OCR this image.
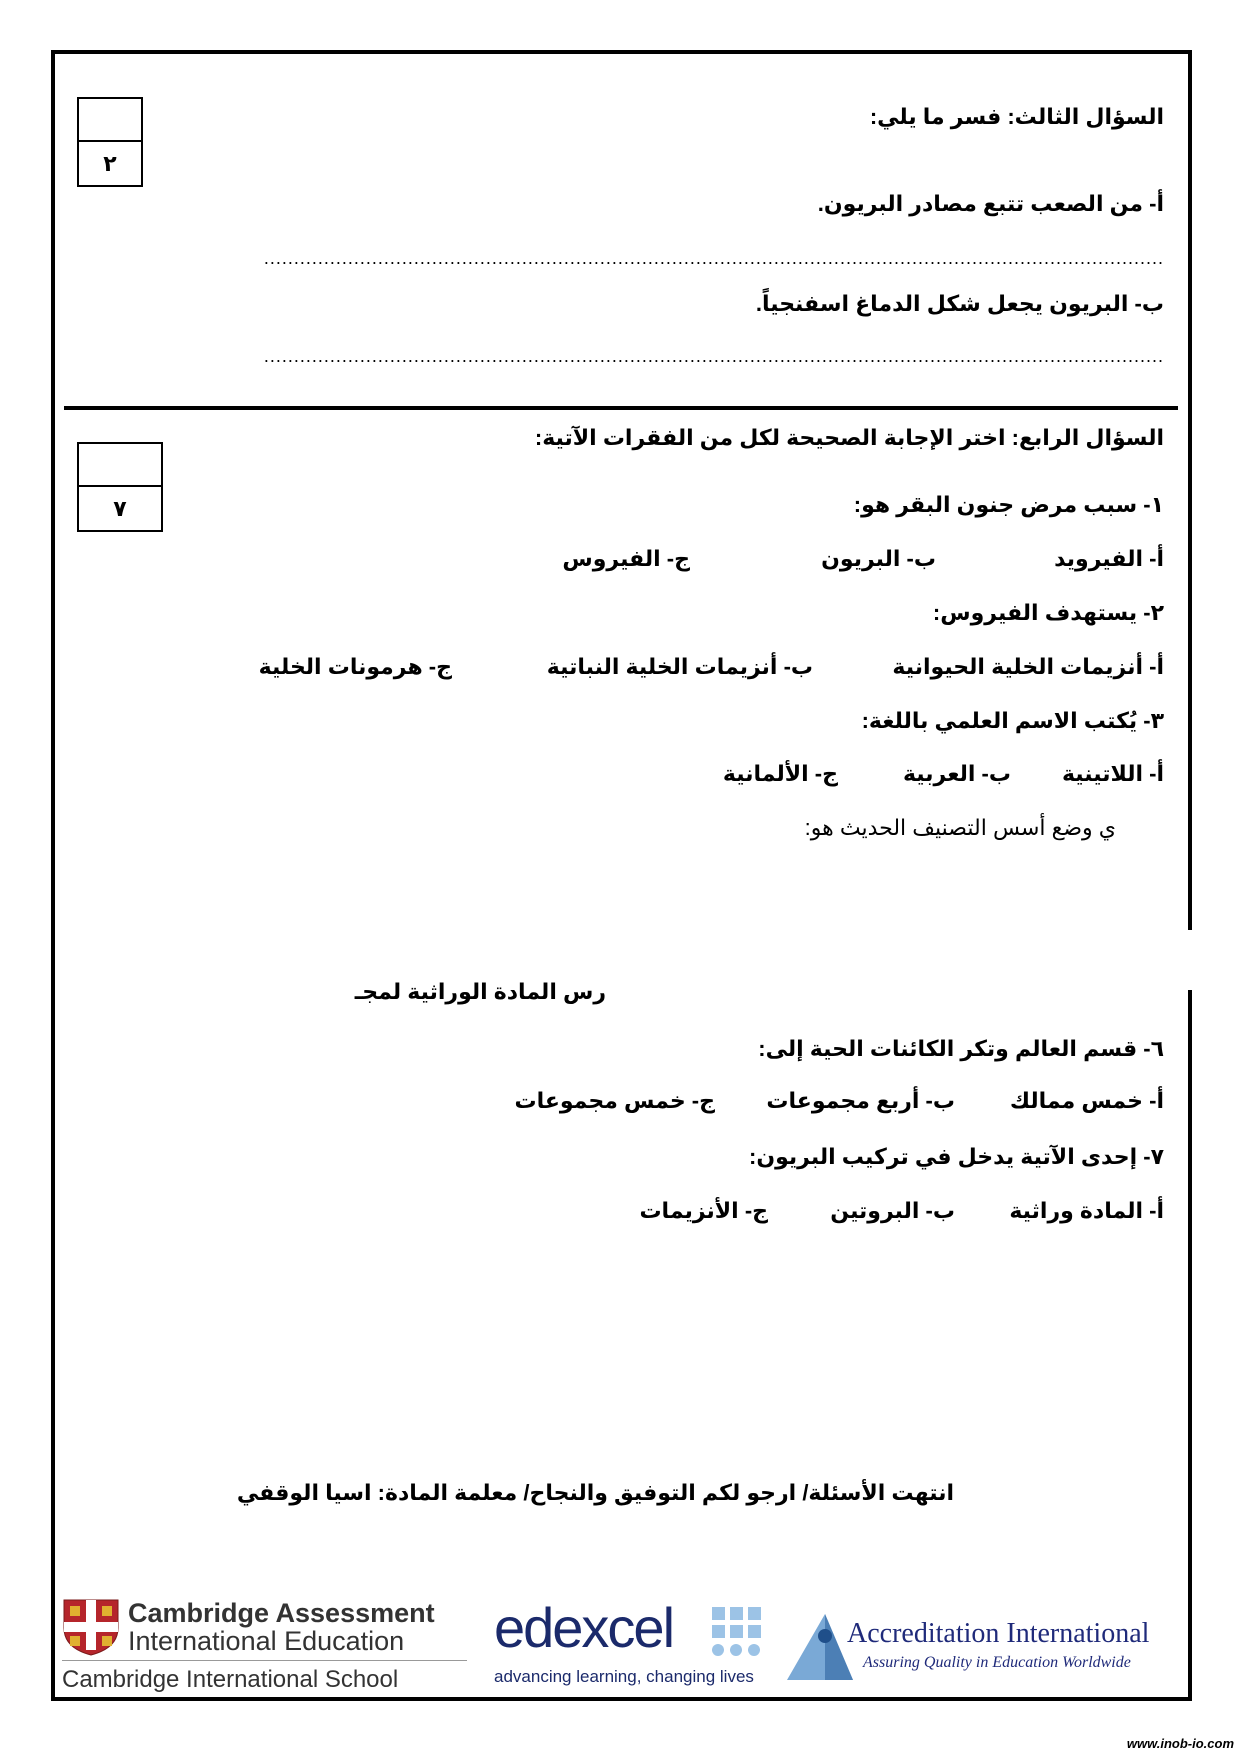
٢
السؤال الثالث: فسر ما يلي:
أ- من الصعب تتبع مصادر البريون.
......................................................................................................................................................
ب- البريون يجعل شكل الدماغ اسفنجياً.
......................................................................................................................................................
٧
السؤال الرابع: اختر الإجابة الصحيحة لكل من الفقرات الآتية:
١- سبب مرض جنون البقر هو:
أ- الفيرويد
ب- البريون
ج- الفيروس
٢- يستهدف الفيروس:
أ- أنزيمات الخلية الحيوانية
ب- أنزيمات الخلية النباتية
ج- هرمونات الخلية
٣- يُكتب الاسم العلمي باللغة:
أ- اللاتينية
ب- العربية
ج- الألمانية
ي وضع أسس التصنيف الحديث هو:
رس المادة الوراثية لمجـ
٦- قسم العالم وتكر الكائنات الحية إلى:
أ- خمس ممالك
ب- أربع مجموعات
ج- خمس مجموعات
٧- إحدى الآتية يدخل في تركيب البريون:
أ- المادة وراثية
ب- البروتين
ج- الأنزيمات
انتهت الأسئلة/ ارجو لكم التوفيق والنجاح/ معلمة المادة: اسيا الوقفي
Cambridge Assessment
International Education
Cambridge International School
edexcel
advancing learning, changing lives
Accreditation International
Assuring Quality in Education Worldwide
www.inob-io.com
